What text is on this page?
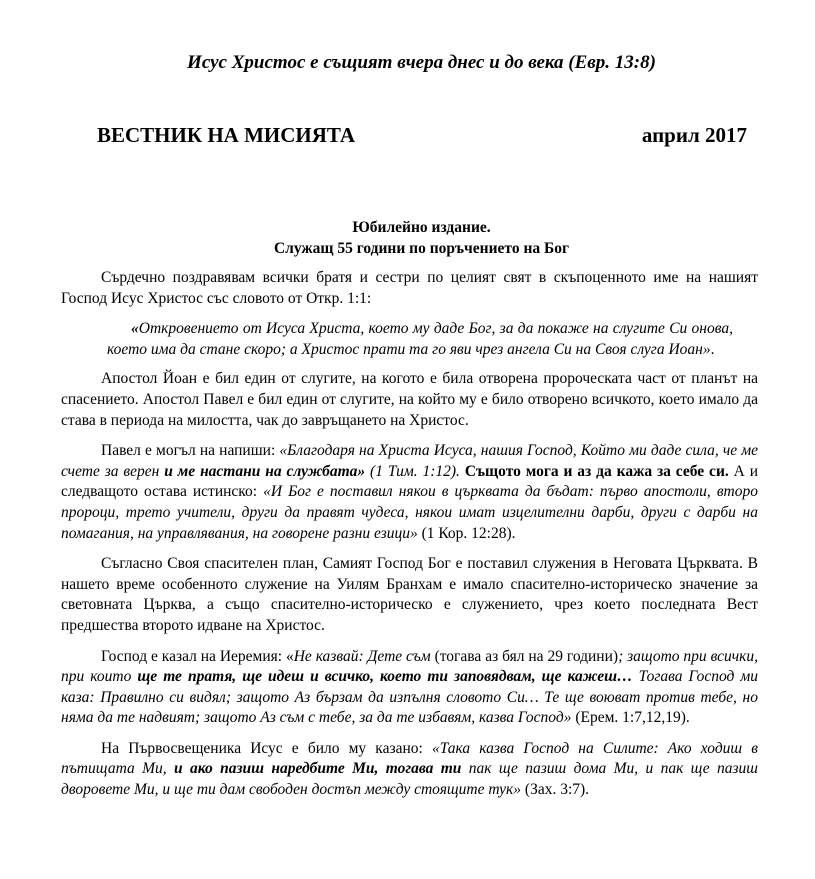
Исус Христос е същият вчера днес и до века (Евр. 13:8)
ВЕСТНИК НА МИСИЯТА	април 2017
Юбилейно издание.
Служащ 55 години по поръчението на Бог

Сърдечно поздравявам всички братя и сестри по целият свят в скъпоценното име на нашият Господ Исус Христос със словото от Откр. 1:1:

«Откровението от Исуса Христа, което му даде Бог, за да покаже на слугите Си онова, което има да стане скоро; а Христос прати та го яви чрез ангела Си на Своя слуга Иоан».

Апостол Йоан е бил един от слугите, на когото е била отворена пророческата част от планът на спасението. Апостол Павел е бил един от слугите, на който му е било отворено всичкото, което имало да става в периода на милостта, чак до завръщането на Христос.

Павел е могъл на напиши: «Благодаря на Христа Исуса, нашия Господ, Който ми даде сила, че ме счете за верен и ме настани на службата» (1 Тим. 1:12). Същото мога и аз да кажа за себе си. А и следващото остава истинско: «И Бог е поставил някои в църквата да бъдат: първо апостоли, второ пророци, трето учители, други да правят чудеса, някои имат изцелителни дарби, други с дарби на помагания, на управлявания, на говорене разни езици» (1 Кор. 12:28).

Съгласно Своя спасителен план, Самият Господ Бог е поставил служения в Неговата Църквата. В нашето време особенното служение на Уилям Бранхам е имало спасително-историческо значение за световната Църква, а също спасително-историческо е служението, чрез което последната Вест предшества второто идване на Христос.

Господ е казал на Иеремия: «Не казвай: Дете съм (тогава аз бял на 29 години); защото при всички, при които ще те пратя, ще идеш и всичко, което ти заповядвам, ще кажеш… Тогава Господ ми каза: Правилно си видял; защото Аз бързам да изпълня словото Си… Те ще воюват против тебе, но няма да те надвият; защото Аз съм с тебе, за да те избавям, казва Господ» (Ерем. 1:7,12,19).

На Първосвещеника Исус е било му казано: «Така казва Господ на Силите: Ако ходиш в пътищата Ми, и ако пазиш наредбите Ми, тогава ти пак ще пазиш дома Ми, и пак ще пазиш дворовете Ми, и ще ти дам свободен достъп между стоящите тук» (Зах. 3:7).
